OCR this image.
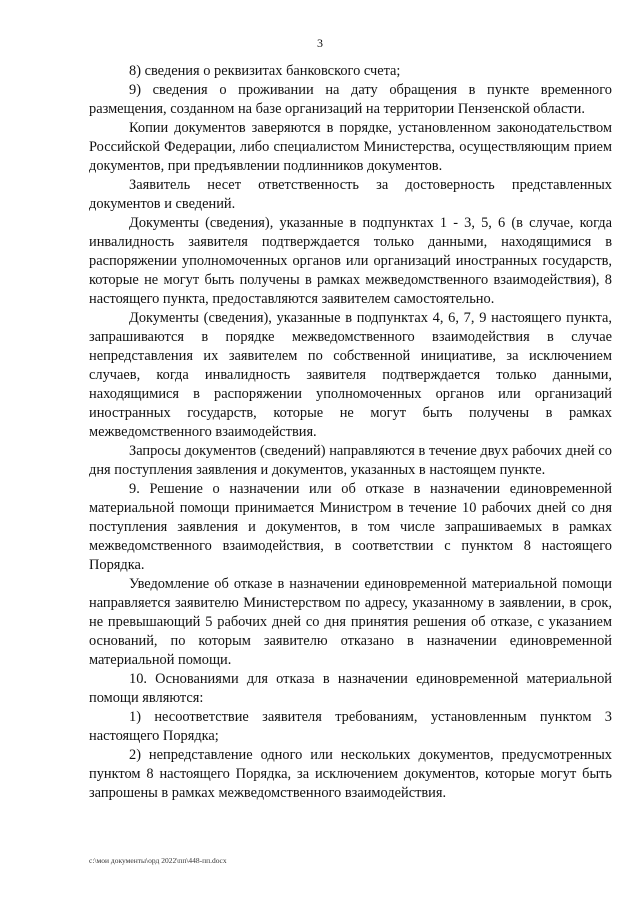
3

8) сведения о реквизитах банковского счета;

9) сведения о проживании на дату обращения в пункте временного размещения, созданном на базе организаций на территории Пензенской области.

Копии документов заверяются в порядке, установленном законодательством Российской Федерации, либо специалистом Министерства, осуществляющим прием документов, при предъявлении подлинников документов.

Заявитель несет ответственность за достоверность представленных документов и сведений.

Документы (сведения), указанные в подпунктах 1 - 3, 5, 6 (в случае, когда инвалидность заявителя подтверждается только данными, находящимися в распоряжении уполномоченных органов или организаций иностранных государств, которые не могут быть получены в рамках межведомственного взаимодействия), 8 настоящего пункта, предоставляются заявителем самостоятельно.

Документы (сведения), указанные в подпунктах 4, 6, 7, 9 настоящего пункта, запрашиваются в порядке межведомственного взаимодействия в случае непредставления их заявителем по собственной инициативе, за исключением случаев, когда инвалидность заявителя подтверждается только данными, находящимися в распоряжении уполномоченных органов или организаций иностранных государств, которые не могут быть получены в рамках межведомственного взаимодействия.

Запросы документов (сведений) направляются в течение двух рабочих дней со дня поступления заявления и документов, указанных в настоящем пункте.

9. Решение о назначении или об отказе в назначении единовременной материальной помощи принимается Министром в течение 10 рабочих дней со дня поступления заявления и документов, в том числе запрашиваемых в рамках межведомственного взаимодействия, в соответствии с пунктом 8 настоящего Порядка.

Уведомление об отказе в назначении единовременной материальной помощи направляется заявителю Министерством по адресу, указанному в заявлении, в срок, не превышающий 5 рабочих дней со дня принятия решения об отказе, с указанием оснований, по которым заявителю отказано в назначении единовременной материальной помощи.

10. Основаниями для отказа в назначении единовременной материальной помощи являются:

1) несоответствие заявителя требованиям, установленным пунктом 3 настоящего Порядка;

2) непредставление одного или нескольких документов, предусмотренных пунктом 8 настоящего Порядка, за исключением документов, которые могут быть запрошены в рамках межведомственного взаимодействия.

c:\мои документы\орд 2022\пп\448-пп.docx
